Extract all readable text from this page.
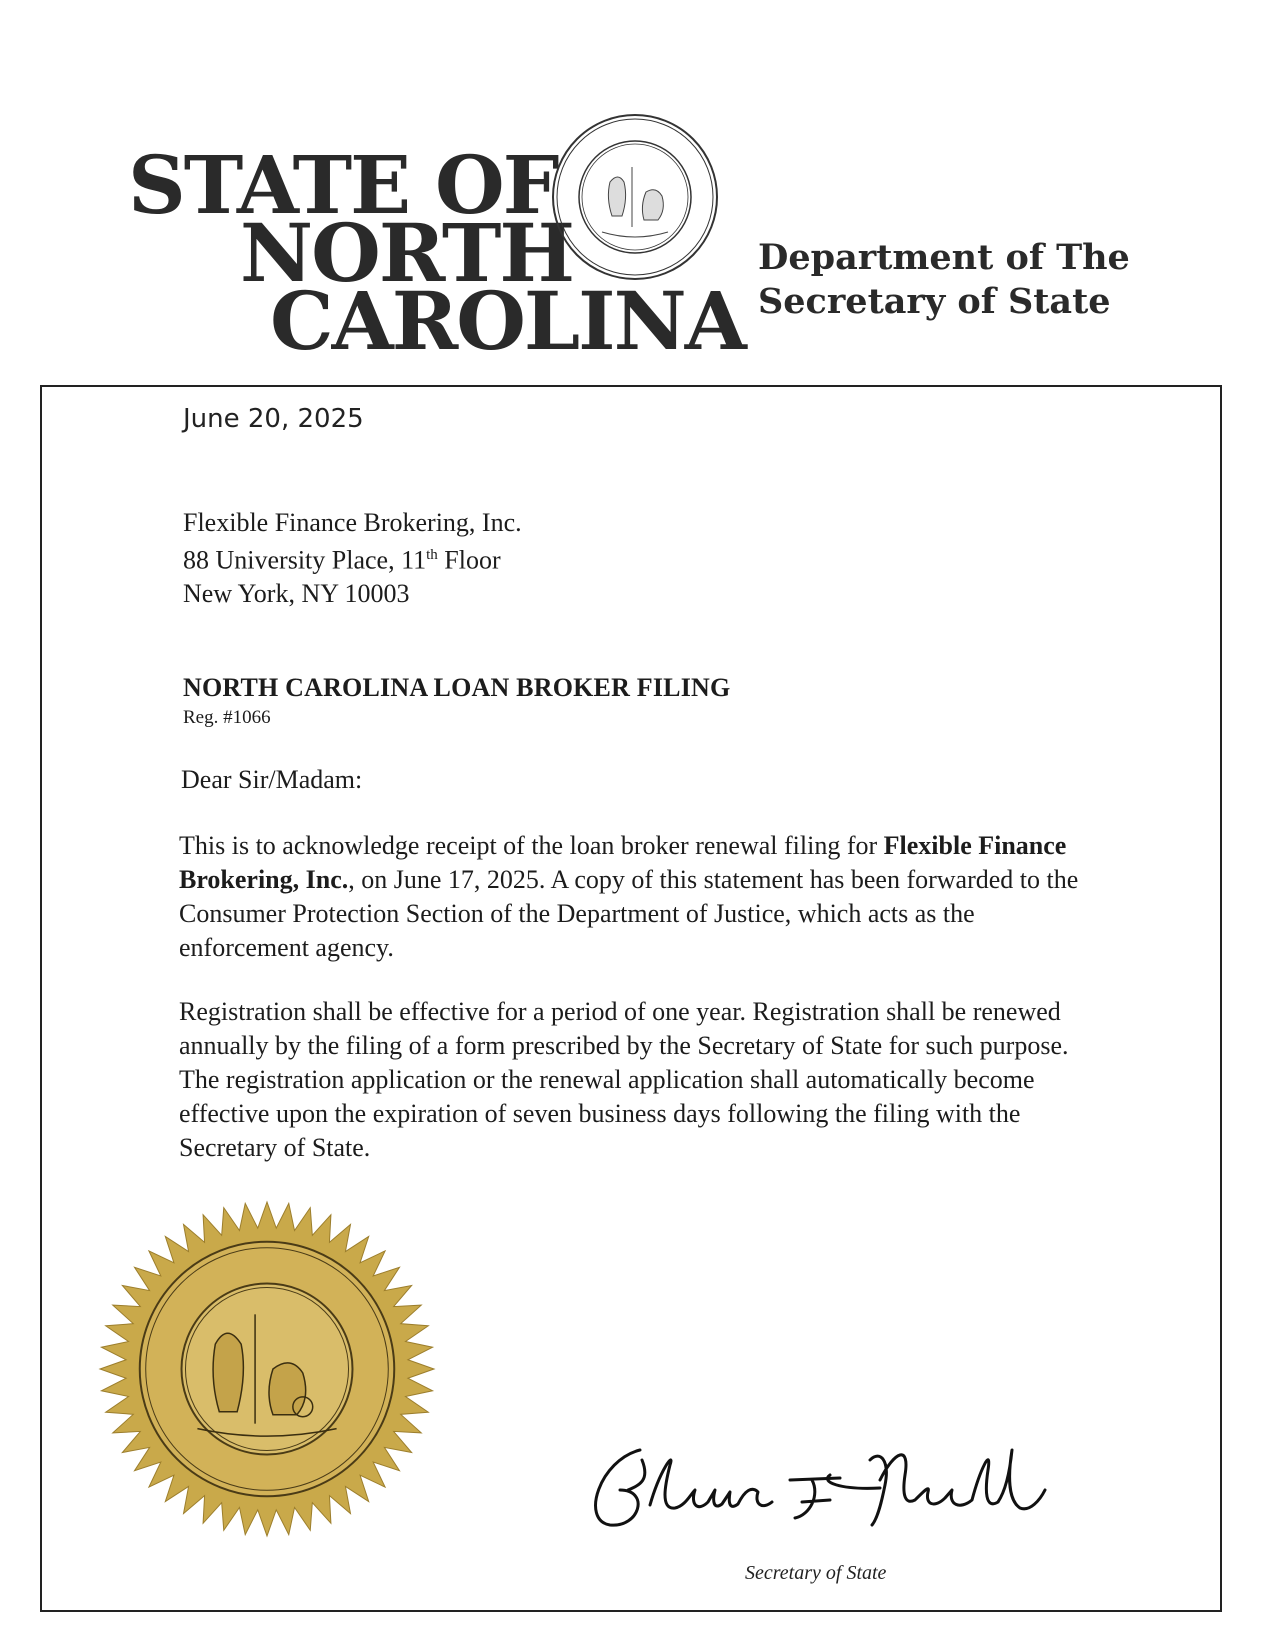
STATE OF
NORTH
CAROLINA
Department of The
Secretary of State
June 20, 2025
Flexible Finance Brokering, Inc.
88 University Place, 11th Floor
New York, NY 10003
NORTH CAROLINA LOAN BROKER FILING
Reg. #1066
Dear Sir/Madam:
This is to acknowledge receipt of the loan broker renewal filing for Flexible Finance Brokering, Inc., on June 17, 2025. A copy of this statement has been forwarded to the Consumer Protection Section of the Department of Justice, which acts as the enforcement agency.
Registration shall be effective for a period of one year. Registration shall be renewed annually by the filing of a form prescribed by the Secretary of State for such purpose. The registration application or the renewal application shall automatically become effective upon the expiration of seven business days following the filing with the Secretary of State.
Secretary of State
